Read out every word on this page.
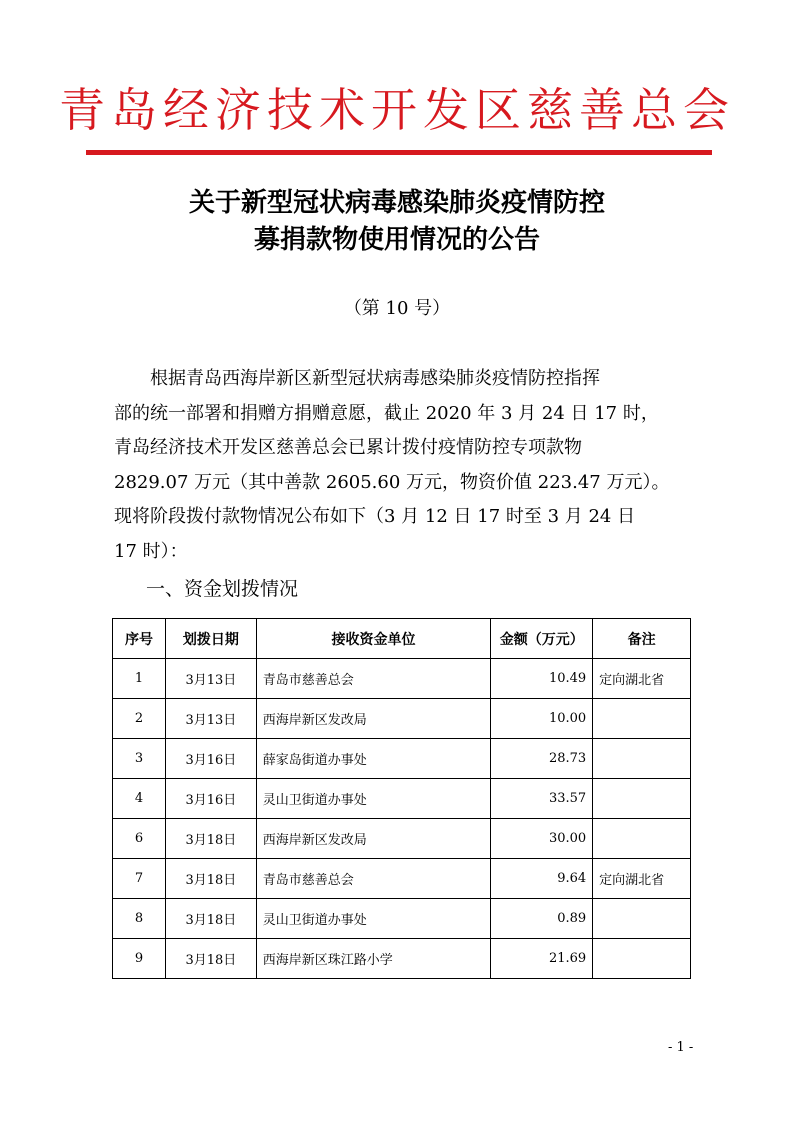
青岛经济技术开发区慈善总会
关于新型冠状病毒感染肺炎疫情防控
募捐款物使用情况的公告
（第 10 号）
根据青岛西海岸新区新型冠状病毒感染肺炎疫情防控指挥
部的统一部署和捐赠方捐赠意愿，截止 2020 年 3 月 24 日 17 时，
青岛经济技术开发区慈善总会已累计拨付疫情防控专项款物
2829.07 万元（其中善款 2605.60 万元，物资价值 223.47 万元）。
现将阶段拨付款物情况公布如下（3 月 12 日 17 时至 3 月 24 日
17 时）：
一、资金划拨情况
序号	划拨日期	接收资金单位	金额（万元）	备注
1	3月13日	青岛市慈善总会	10.49	定向湖北省
2	3月13日	西海岸新区发改局	10.00	
3	3月16日	薛家岛街道办事处	28.73	
4	3月16日	灵山卫街道办事处	33.57	
6	3月18日	西海岸新区发改局	30.00	
7	3月18日	青岛市慈善总会	9.64	定向湖北省
8	3月18日	灵山卫街道办事处	0.89	
9	3月18日	西海岸新区珠江路小学	21.69	
- 1 -
